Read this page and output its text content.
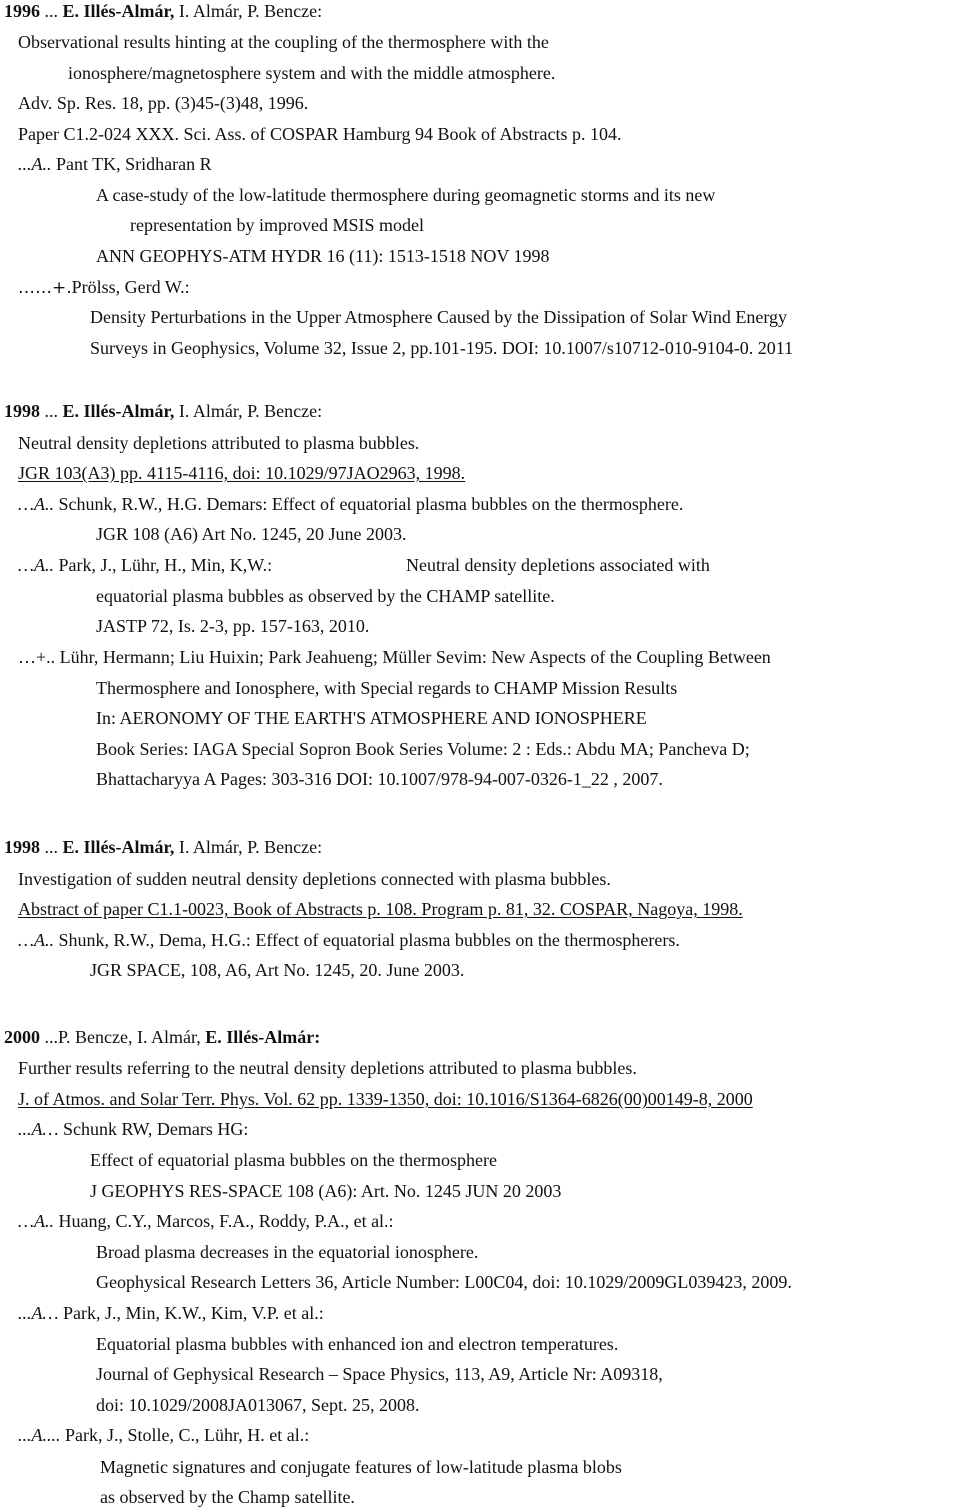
1996 ... E. Illés-Almár, I. Almár, P. Bencze:
Observational results hinting at the coupling of the thermosphere with the
ionosphere/magnetosphere system and with the middle atmosphere.
Adv. Sp. Res. 18, pp. (3)45-(3)48, 1996.
Paper C1.2-024 XXX. Sci. Ass. of COSPAR Hamburg 94 Book of Abstracts p. 104.
...A.. Pant TK, Sridharan R
A case-study of the low-latitude thermosphere during geomagnetic storms and its new
representation by improved MSIS model
ANN GEOPHYS-ATM HYDR 16 (11): 1513-1518 NOV 1998
……+.Prölss, Gerd W.:
Density Perturbations in the Upper Atmosphere Caused by the Dissipation of Solar Wind Energy
Surveys in Geophysics, Volume 32, Issue 2, pp.101-195. DOI: 10.1007/s10712-010-9104-0. 2011
1998 ... E. Illés-Almár, I. Almár, P. Bencze:
Neutral density depletions attributed to plasma bubbles.
JGR 103(A3) pp. 4115-4116, doi: 10.1029/97JAO2963, 1998.
…A.. Schunk, R.W., H.G. Demars: Effect of equatorial plasma bubbles on the thermosphere.
JGR 108 (A6) Art No. 1245, 20 June 2003.
…A.. Park, J., Lühr, H., Min, K,W.:	Neutral density depletions associated with
equatorial plasma bubbles as observed by the CHAMP satellite.
JASTP 72, Is. 2-3, pp. 157-163, 2010.
…+.. Lühr, Hermann; Liu Huixin; Park Jeahueng; Müller Sevim: New Aspects of the Coupling Between
Thermosphere and Ionosphere, with Special regards to CHAMP Mission Results
In: AERONOMY OF THE EARTH'S ATMOSPHERE AND IONOSPHERE
Book Series: IAGA Special Sopron Book Series Volume: 2 : Eds.: Abdu MA; Pancheva D;
Bhattacharyya A Pages: 303-316 DOI: 10.1007/978-94-007-0326-1_22 , 2007.
1998 ... E. Illés-Almár, I. Almár, P. Bencze:
Investigation of sudden neutral density depletions connected with plasma bubbles.
Abstract of paper C1.1-0023, Book of Abstracts p. 108. Program p. 81, 32. COSPAR, Nagoya, 1998.
…A.. Shunk, R.W., Dema, H.G.: Effect of equatorial plasma bubbles on the thermospherers.
JGR SPACE, 108, A6, Art No. 1245, 20. June 2003.
2000 ...P. Bencze, I. Almár, E. Illés-Almár:
Further results referring to the neutral density depletions attributed to plasma bubbles.
J. of Atmos. and Solar Terr. Phys. Vol. 62 pp. 1339-1350, doi: 10.1016/S1364-6826(00)00149-8, 2000
...A… Schunk RW, Demars HG:
Effect of equatorial plasma bubbles on the thermosphere
J GEOPHYS RES-SPACE 108 (A6): Art. No. 1245 JUN 20 2003
…A.. Huang, C.Y., Marcos, F.A., Roddy, P.A., et al.:
Broad plasma decreases in the equatorial ionosphere.
Geophysical Research Letters 36, Article Number: L00C04, doi: 10.1029/2009GL039423, 2009.
...A… Park, J., Min, K.W., Kim, V.P. et al.:
Equatorial plasma bubbles with enhanced ion and electron temperatures.
Journal of Gephysical Research – Space Physics, 113, A9, Article Nr: A09318,
doi: 10.1029/2008JA013067, Sept. 25, 2008.
...A.... Park, J., Stolle, C., Lühr, H. et al.:
Magnetic signatures and conjugate features of low-latitude plasma blobs
as observed by the Champ satellite.
